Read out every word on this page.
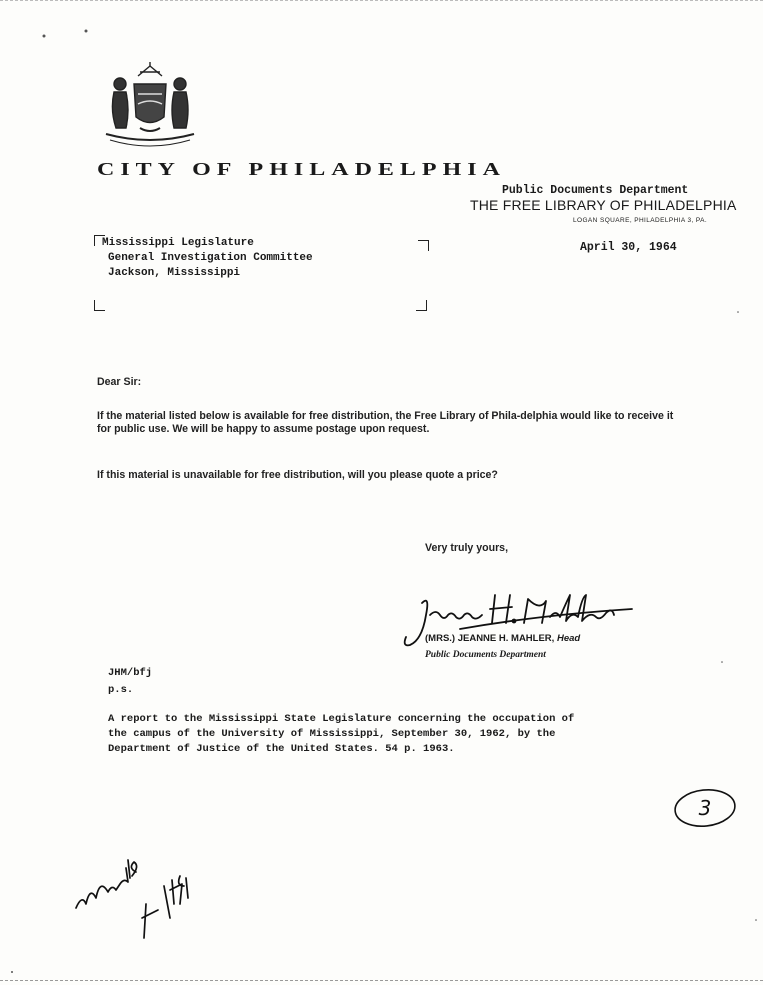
CITY OF PHILADELPHIA
Public Documents Department
THE FREE LIBRARY OF PHILADELPHIA
LOGAN SQUARE, PHILADELPHIA 3, PA.
Mississippi Legislature
General Investigation Committee
Jackson, Mississippi
April 30, 1964
Dear Sir:
If the material listed below is available for free distribution, the Free Library of Phila-delphia would like to receive it for public use. We will be happy to assume postage upon request.
If this material is unavailable for free distribution, will you please quote a price?
Very truly yours,
(MRS.) JEANNE H. MAHLER, Head
Public Documents Department
JHM/bfj
p.s.
A report to the Mississippi State Legislature concerning the occupation of
the campus of the University of Mississippi, September 30, 1962, by the
Department of Justice of the United States. 54 p. 1963.
3
